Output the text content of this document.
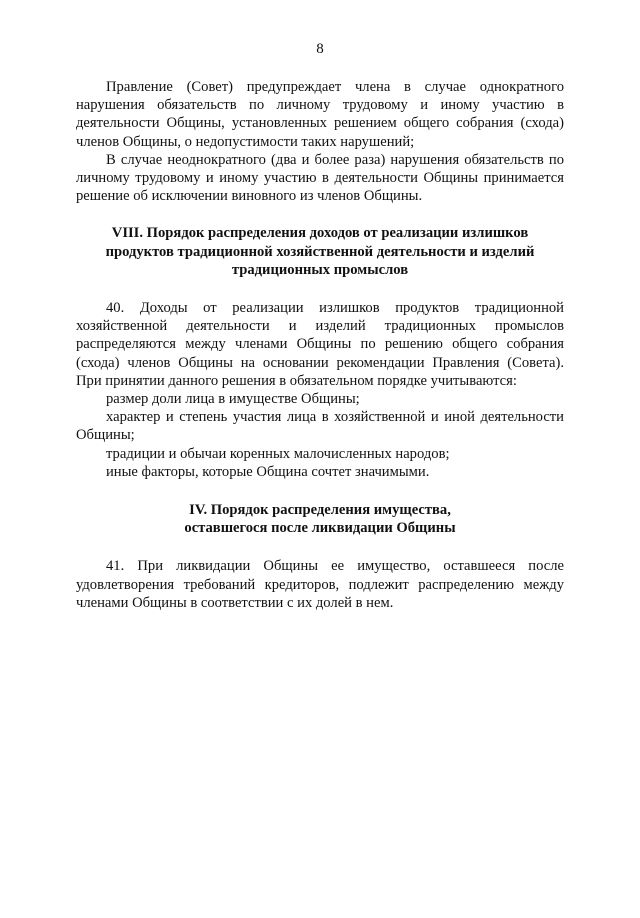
8

Правление (Совет) предупреждает члена в случае однократного нарушения обязательств по личному трудовому и иному участию в деятельности Общины, установленных решением общего собрания (схода) членов Общины, о недопустимости таких нарушений;

В случае неоднократного (два и более раза) нарушения обязательств по личному трудовому и иному участию в деятельности Общины принимается решение об исключении виновного из членов Общины.

VIII. Порядок распределения доходов от реализации излишков
продуктов традиционной хозяйственной деятельности и изделий
традиционных промыслов

40. Доходы от реализации излишков продуктов традиционной хозяйственной деятельности и изделий традиционных промыслов распределяются между членами Общины по решению общего собрания (схода) членов Общины на основании рекомендации Правления (Совета). При принятии данного решения в обязательном порядке учитываются:

размер доли лица в имуществе Общины;

характер и степень участия лица в хозяйственной и иной деятельности Общины;

традиции и обычаи коренных малочисленных народов;

иные факторы, которые Община сочтет значимыми.

IV. Порядок распределения имущества,
оставшегося после ликвидации Общины

41. При ликвидации Общины ее имущество, оставшееся после удовлетворения требований кредиторов, подлежит распределению между членами Общины в соответствии с их долей в нем.
